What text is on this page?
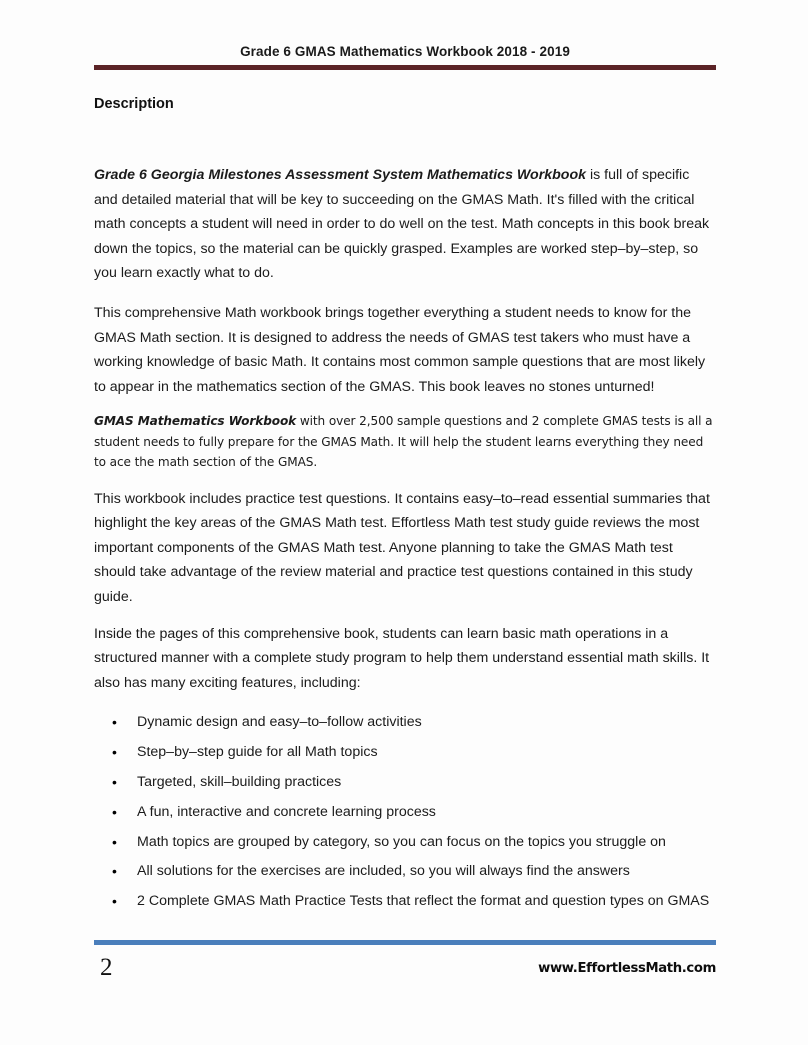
Grade 6 GMAS Mathematics Workbook 2018 - 2019
Description

Grade 6 Georgia Milestones Assessment System Mathematics Workbook is full of specific and detailed material that will be key to succeeding on the GMAS Math. It's filled with the critical math concepts a student will need in order to do well on the test. Math concepts in this book break down the topics, so the material can be quickly grasped. Examples are worked step–by–step, so you learn exactly what to do.

This comprehensive Math workbook brings together everything a student needs to know for the GMAS Math section. It is designed to address the needs of GMAS test takers who must have a working knowledge of basic Math. It contains most common sample questions that are most likely to appear in the mathematics section of the GMAS. This book leaves no stones unturned!

GMAS Mathematics Workbook with over 2,500 sample questions and 2 complete GMAS tests is all a student needs to fully prepare for the GMAS Math. It will help the student learns everything they need to ace the math section of the GMAS.

This workbook includes practice test questions. It contains easy–to–read essential summaries that highlight the key areas of the GMAS Math test. Effortless Math test study guide reviews the most important components of the GMAS Math test. Anyone planning to take the GMAS Math test should take advantage of the review material and practice test questions contained in this study guide.

Inside the pages of this comprehensive book, students can learn basic math operations in a structured manner with a complete study program to help them understand essential math skills. It also has many exciting features, including:

• Dynamic design and easy–to–follow activities
• Step–by–step guide for all Math topics
• Targeted, skill–building practices
• A fun, interactive and concrete learning process
• Math topics are grouped by category, so you can focus on the topics you struggle on
• All solutions for the exercises are included, so you will always find the answers
• 2 Complete GMAS Math Practice Tests that reflect the format and question types on GMAS
2	www.EffortlessMath.com
